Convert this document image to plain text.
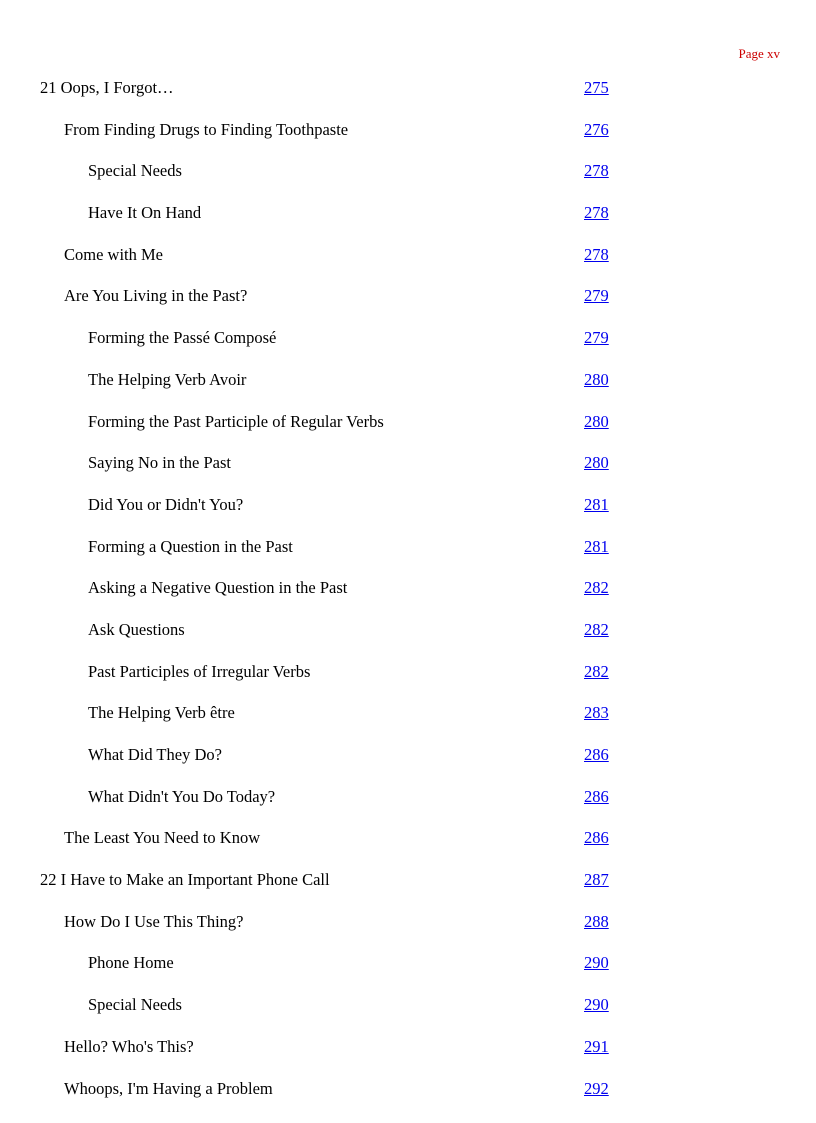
Page xv
21 Oops, I Forgot…	275
From Finding Drugs to Finding Toothpaste	276
Special Needs	278
Have It On Hand	278
Come with Me	278
Are You Living in the Past?	279
Forming the Passé Composé	279
The Helping Verb Avoir	280
Forming the Past Participle of Regular Verbs	280
Saying No in the Past	280
Did You or Didn't You?	281
Forming a Question in the Past	281
Asking a Negative Question in the Past	282
Ask Questions	282
Past Participles of Irregular Verbs	282
The Helping Verb être	283
What Did They Do?	286
What Didn't You Do Today?	286
The Least You Need to Know	286
22 I Have to Make an Important Phone Call	287
How Do I Use This Thing?	288
Phone Home	290
Special Needs	290
Hello? Who's This?	291
Whoops, I'm Having a Problem	292
